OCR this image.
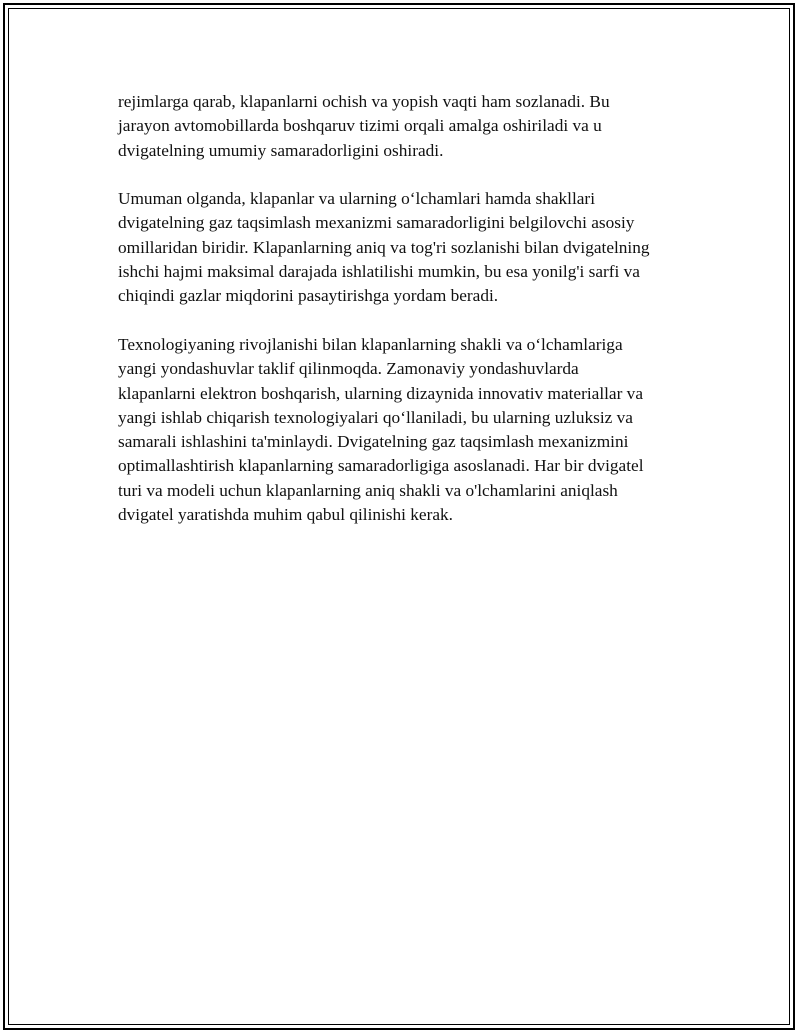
rejimlarga qarab, klapanlarni ochish va yopish vaqti ham sozlanadi. Bu
jarayon avtomobillarda boshqaruv tizimi orqali amalga oshiriladi va u
dvigatelning umumiy samaradorligini oshiradi.

Umuman olganda, klapanlar va ularning oʻlchamlari hamda shakllari
dvigatelning gaz taqsimlash mexanizmi samaradorligini belgilovchi asosiy
omillaridan biridir. Klapanlarning aniq va tog'ri sozlanishi bilan dvigatelning
ishchi hajmi maksimal darajada ishlatilishi mumkin, bu esa yonilg'i sarfi va
chiqindi gazlar miqdorini pasaytirishga yordam beradi.

Texnologiyaning rivojlanishi bilan klapanlarning shakli va oʻlchamlariga
yangi yondashuvlar taklif qilinmoqda. Zamonaviy yondashuvlarda
klapanlarni elektron boshqarish, ularning dizaynida innovativ materiallar va
yangi ishlab chiqarish texnologiyalari qoʻllaniladi, bu ularning uzluksiz va
samarali ishlashini ta'minlaydi. Dvigatelning gaz taqsimlash mexanizmini
optimallashtirish klapanlarning samaradorligiga asoslanadi. Har bir dvigatel
turi va modeli uchun klapanlarning aniq shakli va o'lchamlarini aniqlash
dvigatel yaratishda muhim qabul qilinishi kerak.
